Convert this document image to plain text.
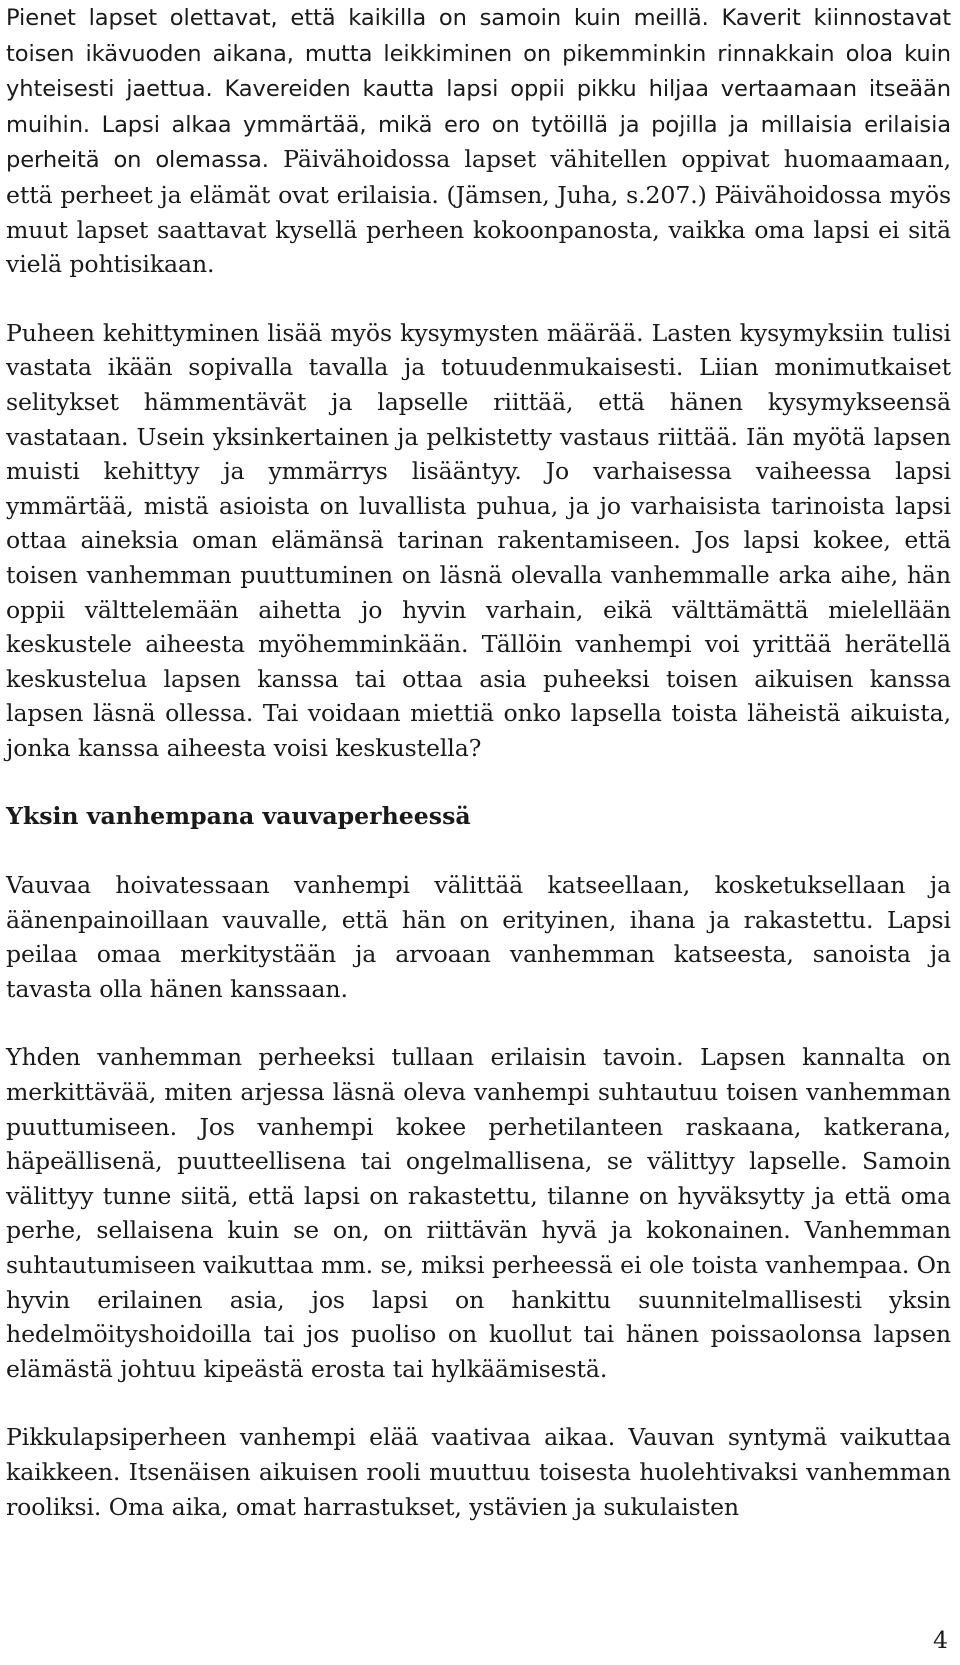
Pienet lapset olettavat, että kaikilla on samoin kuin meillä. Kaverit kiinnostavat toisen ikävuoden aikana, mutta leikkiminen on pikemminkin rinnakkain oloa kuin yhteisesti jaettua. Kavereiden kautta lapsi oppii pikku hiljaa vertaamaan itseään muihin. Lapsi alkaa ymmärtää, mikä ero on tytöillä ja pojilla ja millaisia erilaisia perheitä on olemassa. Päivähoidossa lapset vähitellen oppivat huomaamaan, että perheet ja elämät ovat erilaisia. (Jämsen, Juha, s.207.) Päivähoidossa myös muut lapset saattavat kysellä perheen kokoonpanosta, vaikka oma lapsi ei sitä vielä pohtisikaan.

Puheen kehittyminen lisää myös kysymysten määrää. Lasten kysymyksiin tulisi vastata ikään sopivalla tavalla ja totuudenmukaisesti. Liian monimutkaiset selitykset hämmentävät ja lapselle riittää, että hänen kysymykseensä vastataan. Usein yksinkertainen ja pelkistetty vastaus riittää. Iän myötä lapsen muisti kehittyy ja ymmärrys lisääntyy. Jo varhaisessa vaiheessa lapsi ymmärtää, mistä asioista on luvallista puhua, ja jo varhaisista tarinoista lapsi ottaa aineksia oman elämänsä tarinan rakentamiseen. Jos lapsi kokee, että toisen vanhemman puuttuminen on läsnä olevalla vanhemmalle arka aihe, hän oppii välttelemään aihetta jo hyvin varhain, eikä välttämättä mielellään keskustele aiheesta myöhemminkään. Tällöin vanhempi voi yrittää herätellä keskustelua lapsen kanssa tai ottaa asia puheeksi toisen aikuisen kanssa lapsen läsnä ollessa. Tai voidaan miettiä onko lapsella toista läheistä aikuista, jonka kanssa aiheesta voisi keskustella?

Yksin vanhempana vauvaperheessä

Vauvaa hoivatessaan vanhempi välittää katseellaan, kosketuksellaan ja äänenpainoillaan vauvalle, että hän on erityinen, ihana ja rakastettu. Lapsi peilaa omaa merkitystään ja arvoaan vanhemman katseesta, sanoista ja tavasta olla hänen kanssaan.

Yhden vanhemman perheeksi tullaan erilaisin tavoin. Lapsen kannalta on merkittävää, miten arjessa läsnä oleva vanhempi suhtautuu toisen vanhemman puuttumiseen. Jos vanhempi kokee perhetilanteen raskaana, katkerana, häpeällisenä, puutteellisena tai ongelmallisena, se välittyy lapselle. Samoin välittyy tunne siitä, että lapsi on rakastettu, tilanne on hyväksytty ja että oma perhe, sellaisena kuin se on, on riittävän hyvä ja kokonainen. Vanhemman suhtautumiseen vaikuttaa mm. se, miksi perheessä ei ole toista vanhempaa. On hyvin erilainen asia, jos lapsi on hankittu suunnitelmallisesti yksin hedelmöityshoidoilla tai jos puoliso on kuollut tai hänen poissaolonsa lapsen elämästä johtuu kipeästä erosta tai hylkäämisestä.

Pikkulapsiperheen vanhempi elää vaativaa aikaa. Vauvan syntymä vaikuttaa kaikkeen. Itsenäisen aikuisen rooli muuttuu toisesta huolehtivaksi vanhemman rooliksi. Oma aika, omat harrastukset, ystävien ja sukulaisten

4
